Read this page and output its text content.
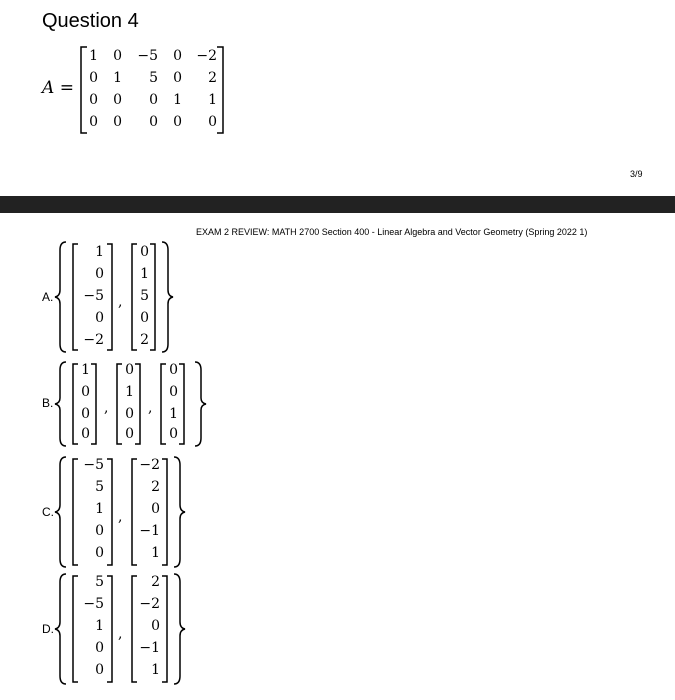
Question 4
A =
1	0	−5	0	−2
0	1	5	0	2
0	0	0	1	1
0	0	0	0	0
3/9
EXAM 2 REVIEW: MATH 2700 Section 400 - Linear Algebra and Vector Geometry (Spring 2022 1)
A.
1
0
−5
0
−2
,
0
1
5
0
2
B.
1
0
0
0
,
0
1
0
0
,
0
0
1
0
C.
−5
5
1
0
0
,
−2
2
0
−1
1
D.
5
−5
1
0
0
,
2
−2
0
−1
1
